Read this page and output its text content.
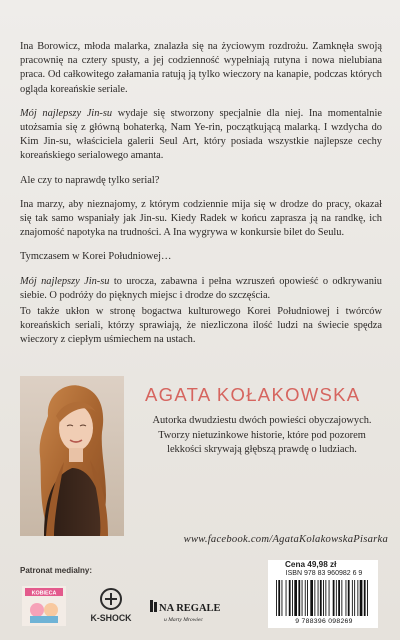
Ina Borowicz, młoda malarka, znalazła się na życiowym rozdrożu. Zamknęła swoją pracownię na cztery spusty, a jej codzienność wypełniają rutyna i nowa nielubiana praca. Od całkowitego załamania ratują ją tylko wieczory na kanapie, podczas których ogląda koreańskie seriale.

Mój najlepszy Jin-su wydaje się stworzony specjalnie dla niej. Ina momentalnie utożsamia się z główną bohaterką, Nam Ye-rin, początkującą malarką. I wzdycha do Kim Jin-su, właściciela galerii Seul Art, który posiada wszystkie najlepsze cechy koreańskiego serialowego amanta.

Ale czy to naprawdę tylko serial?

Ina marzy, aby nieznajomy, z którym codziennie mija się w drodze do pracy, okazał się tak samo wspaniały jak Jin-su. Kiedy Radek w końcu zaprasza ją na randkę, ich znajomość napotyka na trudności. A Ina wygrywa w konkursie bilet do Seulu.

Tymczasem w Korei Południowej…

Mój najlepszy Jin-su to urocza, zabawna i pełna wzruszeń opowieść o odkrywaniu siebie. O podróży do pięknych miejsc i drodze do szczęścia.

To także ukłon w stronę bogactwa kulturowego Korei Południowej i twórców koreańskich seriali, którzy sprawiają, że niezliczona ilość ludzi na świecie spędza wieczory z ciepłym uśmiechem na ustach.

AGATA KOŁAKOWSKA

Autorka dwudziestu dwóch powieści obyczajowych. Tworzy nietuzinkowe historie, które pod pozorem lekkości skrywają głębszą prawdę o ludziach.

www.facebook.com/AgataKolakowskaPisarka
Patronat medialny:
KOBIECA
K-SHOCK
NA REGALE
u Marty Mrowiec
Cena 49,98 zł
ISBN 978 83 960982 6 9
9 788396 098269
